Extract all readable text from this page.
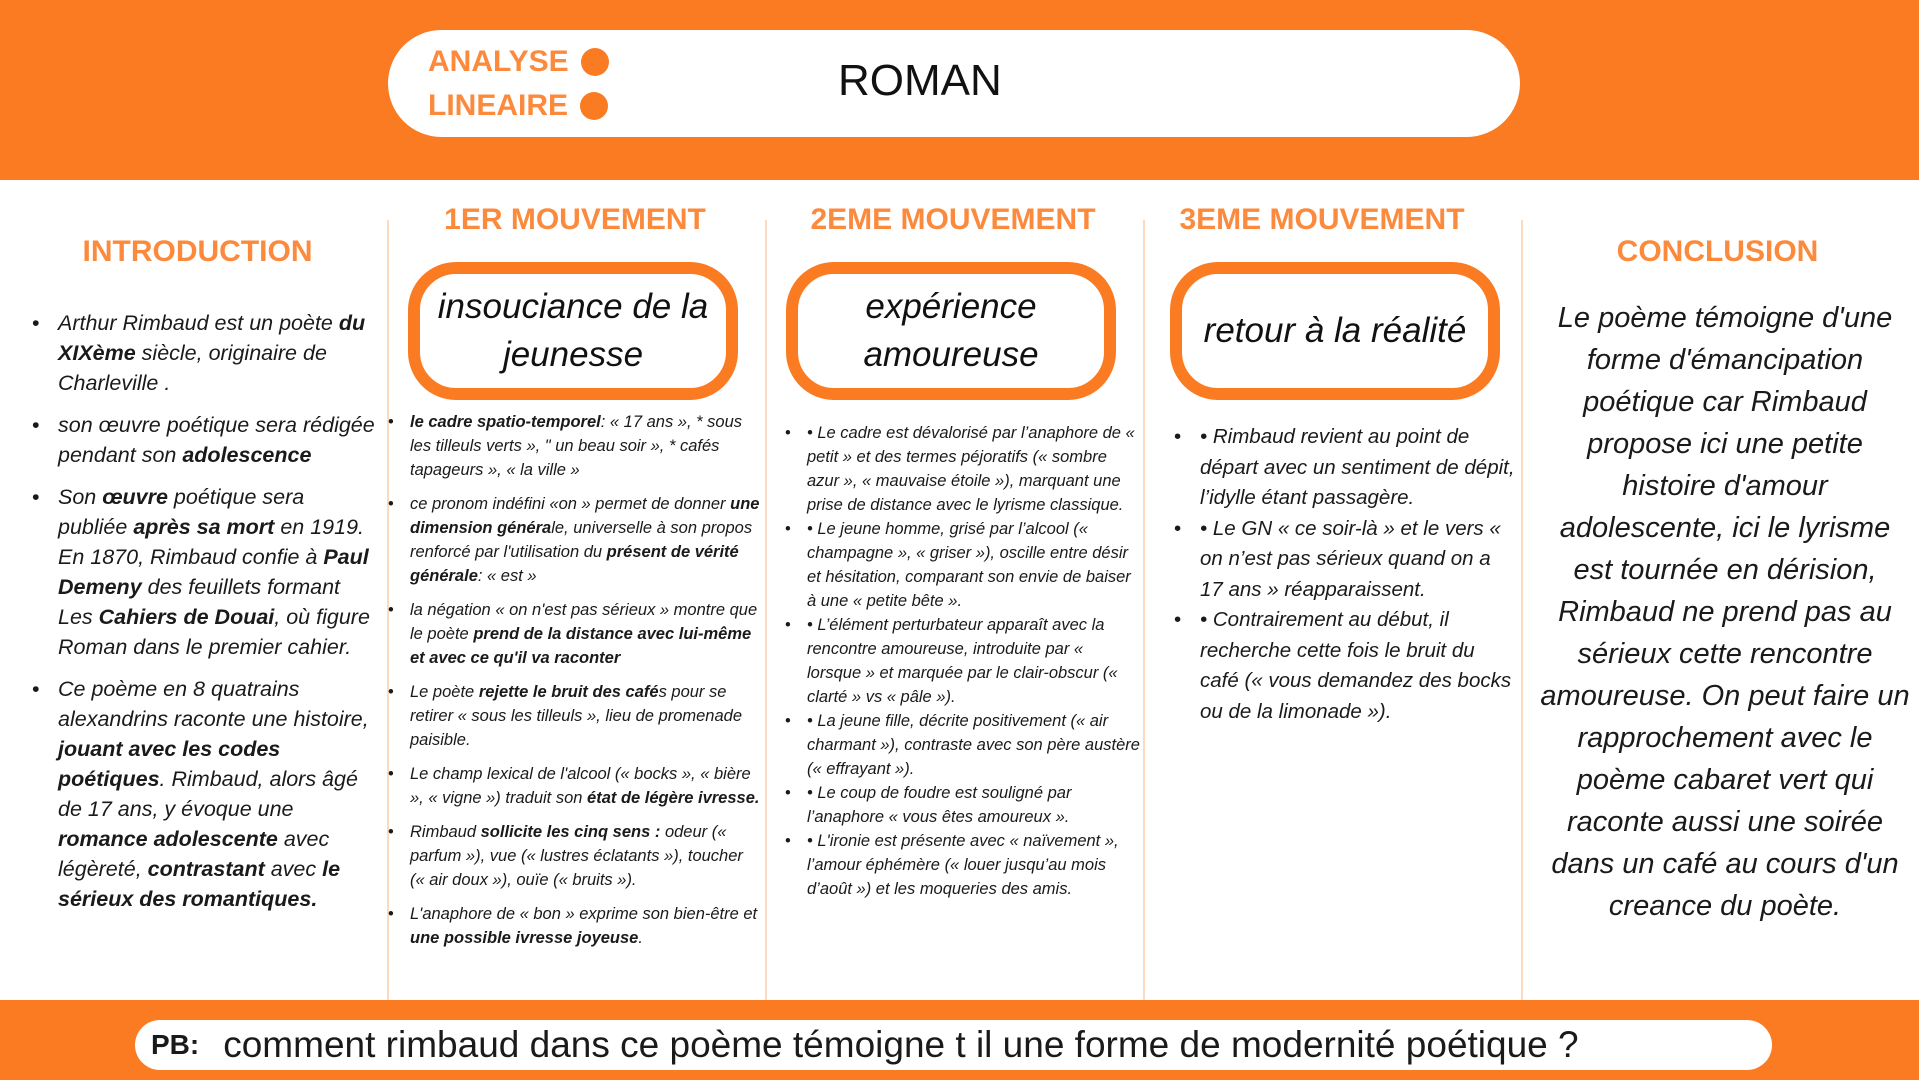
ANALYSE
LINEAIRE
ROMAN
INTRODUCTION
• Arthur Rimbaud est un poète du XIXème siècle, originaire de Charleville .
• son œuvre poétique sera rédigée pendant son adolescence
• Son œuvre poétique sera publiée après sa mort en 1919. En 1870, Rimbaud confie à Paul Demeny des feuillets formant Les Cahiers de Douai, où figure Roman dans le premier cahier.
• Ce poème en 8 quatrains alexandrins raconte une histoire, jouant avec les codes poétiques. Rimbaud, alors âgé de 17 ans, y évoque une romance adolescente avec légèreté, contrastant avec le sérieux des romantiques.
1ER MOUVEMENT
insouciance de la jeunesse
• le cadre spatio-temporel: « 17 ans », * sous les tilleuls verts », " un beau soir », * cafés tapageurs », « la ville »
• ce pronom indéfini «on » permet de donner une dimension générale, universelle à son propos renforcé par l'utilisation du présent de vérité générale: « est »
• la négation « on n'est pas sérieux » montre que le poète prend de la distance avec lui-même et avec ce qu'il va raconter
• Le poète rejette le bruit des cafés pour se retirer « sous les tilleuls », lieu de promenade paisible.
• Le champ lexical de l'alcool (« bocks », « bière », « vigne ») traduit son état de légère ivresse.
• Rimbaud sollicite les cinq sens : odeur (« parfum »), vue (« lustres éclatants »), toucher (« air doux »), ouïe (« bruits »).
• L'anaphore de « bon » exprime son bien-être et une possible ivresse joyeuse.
2EME MOUVEMENT
expérience amoureuse
• • Le cadre est dévalorisé par l’anaphore de « petit » et des termes péjoratifs (« sombre azur », « mauvaise étoile »), marquant une prise de distance avec le lyrisme classique.
• • Le jeune homme, grisé par l’alcool (« champagne », « griser »), oscille entre désir et hésitation, comparant son envie de baiser à une « petite bête ».
• • L’élément perturbateur apparaît avec la rencontre amoureuse, introduite par « lorsque » et marquée par le clair-obscur (« clarté » vs « pâle »).
• • La jeune fille, décrite positivement (« air charmant »), contraste avec son père austère (« effrayant »).
• • Le coup de foudre est souligné par l’anaphore « vous êtes amoureux ».
• • L'ironie est présente avec « naïvement », l’amour éphémère (« louer jusqu’au mois d’août ») et les moqueries des amis.
3EME MOUVEMENT
retour à la réalité
• • Rimbaud revient au point de départ avec un sentiment de dépit, l’idylle étant passagère.
• • Le GN « ce soir-là » et le vers « on n’est pas sérieux quand on a 17 ans » réapparaissent.
• • Contrairement au début, il recherche cette fois le bruit du café (« vous demandez des bocks ou de la limonade »).
CONCLUSION
Le poème témoigne d'une forme d'émancipation poétique car Rimbaud propose ici une petite histoire d'amour adolescente, ici le lyrisme est tournée en dérision, Rimbaud ne prend pas au sérieux cette rencontre amoureuse. On peut faire un rapprochement avec le poème cabaret vert qui raconte aussi une soirée dans un café au cours d'un creance du poète.
PB: comment rimbaud dans ce poème témoigne t il une forme de modernité poétique ?
